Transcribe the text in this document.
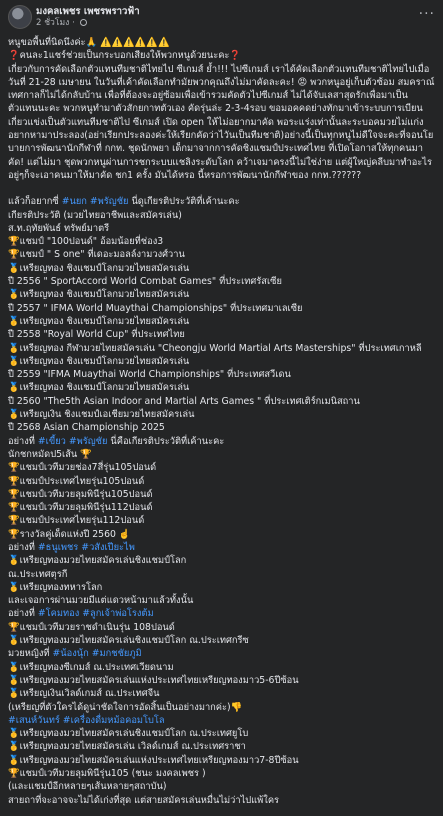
มงคลเพชร เพชรพราวฟ้า
2 ชั่วโมง ·
···

หนูขอพื้นที่นิดนึงค่ะ🙏 ⚠️⚠️⚠️⚠️⚠️⚠️

❓คนละ1แชร์ช่วยเป็นกระบอกเสียงให้พวกหนูด้วยนะคะ❓

เกี่ยวกับการคัดเลือกตัวแทนทีมชาติไทยไป ซีเกมส์ ย้ำ!!! ไปซีเกมส์ เราได้คัดเลือกตัวแทนทีมชาติไทยไปเมื่อวันที่ 21-28 เมษายน ในวันที่เค้าคัดเลือกทำมัยพวกคุณถึงไม่มาคัดละคะ! 😡 พวกหนูอยู่เก็บตัวซ้อม สมคราณ์เทศกาลก็ไม่ได้กลับบ้าน เพื่อที่ต้องจะอยู่ซ้อมเพื่อเข้ารวมคัดตัวไปซีเกมส์ ไม่ได้จับเลสาสุดรักเพื่อมาเป็นตัวแทนนะคะ พวกหนูทำมาตัวสักยกาทตัวเอง คัดรุ่นล่ะ 2-3-4รอบ ขอมอคคดย่างทักมาเข้าระบบการเบียนเกี่ยวแข่งเป็นตัวแทนทีมชาติไป ซีเกมส์ เปิด open ให้ไม่อยากมาคัด พอระแร่งเท่านั้นละระบอคมวยไม่แก่ง อยากหามาประลอง(อย่าเรียกประลองค่ะให้เรียกคัดว่าไวันเป็นทีมชาติ)อย่างนี้เป็นทุกหนูไม่ดีใจจะคะที่จอนโยบายการพัฒนานักกีฬาที่ กกท. ชุดนักพยา เด็กมาจากการคัดชิงแชมป์ประเทศไทย ที่เปิดโอกาสให้ทุกคนมาคัด! แต่ไม่มา ชุดพวกหนูผ่านการชกระบบเเชลิงระดับโลก คว้าเจมาครงนี้ไม่ใช่ง่าย แต่ผู้ใหญ่คลีบมาทำอะไร อยู่ๆก็จะเอาคนมาให้มาคัด ชก1 ครั้ง มันได้หรอ นี้หรอการพัฒนานักกีฬาของ กกท.??????

แล้วก็อยากซี่ #นยก #พรัญชัย นี่ดูเกียรติประวัติที่เค้านะคะ

เกียรติประวัติ (มวยไทยอาชีพและสมัครเล่น)

ส.ท.ฤทัยพันธ์ ทรัพย์มาตรี

🏆แชมป์ "100ปอนด์" อ้อมน้อยที่ช่อง3

🏆แชมป์ " S one" ที่เดอะมอลล์งามวงศ์วาน

🥇เหรียญทอง ชิงแชมป์โลกมวยไทยสมัครเล่น

ปี 2556 " SportAccord World Combat Games" ที่ประเทศรัสเซีย

🥇เหรียญทอง ชิงแชมป์โลกมวยไทยสมัครเล่น

ปี 2557 " IFMA World Muaythai Championships" ที่ประเทศมาเลเซีย

🥇เหรียญทอง ชิงแชมป์โลกมวยไทยสมัครเล่น

ปี 2558 "Royal World Cup" ที่ประเทศไทย

🥇เหรียญทอง กีฬามวยไทยสมัครเล่น "Cheongju World Martial Arts Masterships" ที่ประเทศเกาหลี

🥇เหรียญทอง ชิงแชมป์โลกมวยไทยสมัครเล่น

ปี 2559 "IFMA Muaythai World Championships" ที่ประเทศสวีเดน

🥇เหรียญทอง ชิงแชมป์โลกมวยไทยสมัครเล่น

ปี 2560 "The5th Asian Indoor and Martial Arts Games " ที่ประเทศเติร์กเมนิสถาน

🥇เหรียญเงิน ชิงแชมป์เอเชียมวยไทยสมัครเล่น

ปี 2568 Asian Championship 2025

อย่างที่ #เขี้ยว #พรัญชัย นี่คือเกียรติประวัติที่เค้านะคะ

นักชกหมัดป5เส้น 🏆

🏆แชมป์เวทีมวยช่อง7สี่รุ่น105ปอนด์

🏆แชมป์ประเทศไทยรุ่น105ปอนด์

🏆แชมป์เวทีมวยลุมพินีรุ่น105ปอนด์

🏆แชมป์เวทีมวยลุมพินีรุ่น112ปอนด์

🏆แชมป์ประเทศไทยรุ่น112ปอนด์

🏆รางวัลคู่เด็ดแห่งปี 2560 ☝️

อย่างที่ #ธนูเพชร #วสังเปียะไพ

🥇เหรียญทองมวยไทยสมัครเล่นชิงแชมป์โลก

ณ.ประเทศตุรกี

🥇เหรียญทองทหารโลก

และเจอการผ่านมวยมีแต่แดวหน้ามาแล้วทั้งนั้น

อย่างที่ #โคมทอง #ลูกเจ้าพ่อโรงต้ม

🏆แชมป์เวทีมวยราชดำเนินรุ่น 108ปอนด์

🥇เหรียญทองมวยไทยสมัครเล่นชิงแชมป์โลก ณ.ประเทศกรีซ

มวยหญิงที่ #น้องนุ้ก #มกชชัยภูมิ

🥇เหรียญทองซีเกมส์ ณ.ประเทศเวียดนาม

🥇เหรียญทองมวยไทยสมัครเล่นแห่งประเทศไทยเหรียญทองมาว5-6ปีซ้อน

🥇เหรียญเงินเวิลด์เกมส์ ณ.ประเทศจีน

(เหรียญที่ตัวใครได้ดูน่าชัดใจการอัดสิ้นเป็นอย่างมากค่ะ)👎

#เสนห์วันทร์ #เครื่องดื่มหม้อคอมโบโล

🥇เหรียญทองมวยไทยสมัครเล่นชิงแชมป์โลก ณ.ประเทศยูโบ

🥇เหรียญทองมวยไทยสมัครเล่น เวิลด์เกมส์ ณ.ประเทศราชา

🥇เหรียญทองมวยไทยสมัครเล่นแห่งประเทศไทยเหรียญทองมาว7-8ปีซ้อน

🏆แชมป์เวทีมวยลุมพินีรุ่น105 (ชนะ มงคลเพชร )

(และแชมป์อีกหลายๆเส้นหลายๆสถาบัน)

สายถาที่จะอาจจะไม่ได้เก่งที่สุด แต่สายสมัครเล่นหมื่นไม่ว่าไปแพ้ใคร
